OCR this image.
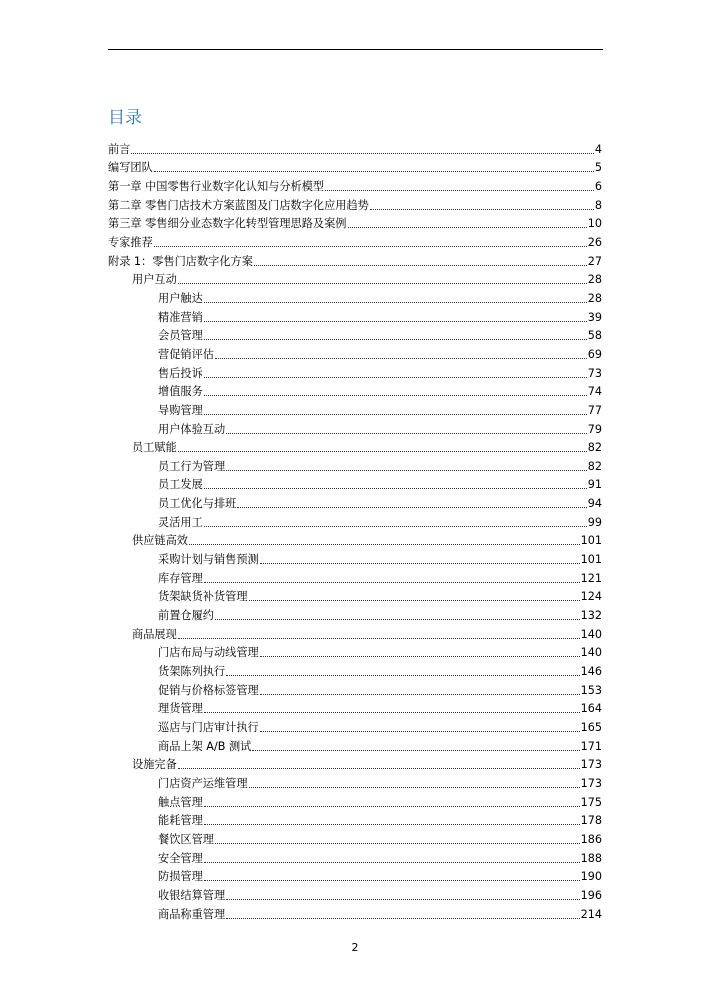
目录
前言	4
编写团队	5
第一章 中国零售行业数字化认知与分析模型	6
第二章 零售门店技术方案蓝图及门店数字化应用趋势	8
第三章 零售细分业态数字化转型管理思路及案例	10
专家推荐	26
附录 1：零售门店数字化方案	27
用户互动	28
用户触达	28
精准营销	39
会员管理	58
营促销评估	69
售后投诉	73
增值服务	74
导购管理	77
用户体验互动	79
员工赋能	82
员工行为管理	82
员工发展	91
员工优化与排班	94
灵活用工	99
供应链高效	101
采购计划与销售预测	101
库存管理	121
货架缺货补货管理	124
前置仓履约	132
商品展现	140
门店布局与动线管理	140
货架陈列执行	146
促销与价格标签管理	153
理货管理	164
巡店与门店审计执行	165
商品上架 A/B 测试	171
设施完备	173
门店资产运维管理	173
触点管理	175
能耗管理	178
餐饮区管理	186
安全管理	188
防损管理	190
收银结算管理	196
商品称重管理	214
2
